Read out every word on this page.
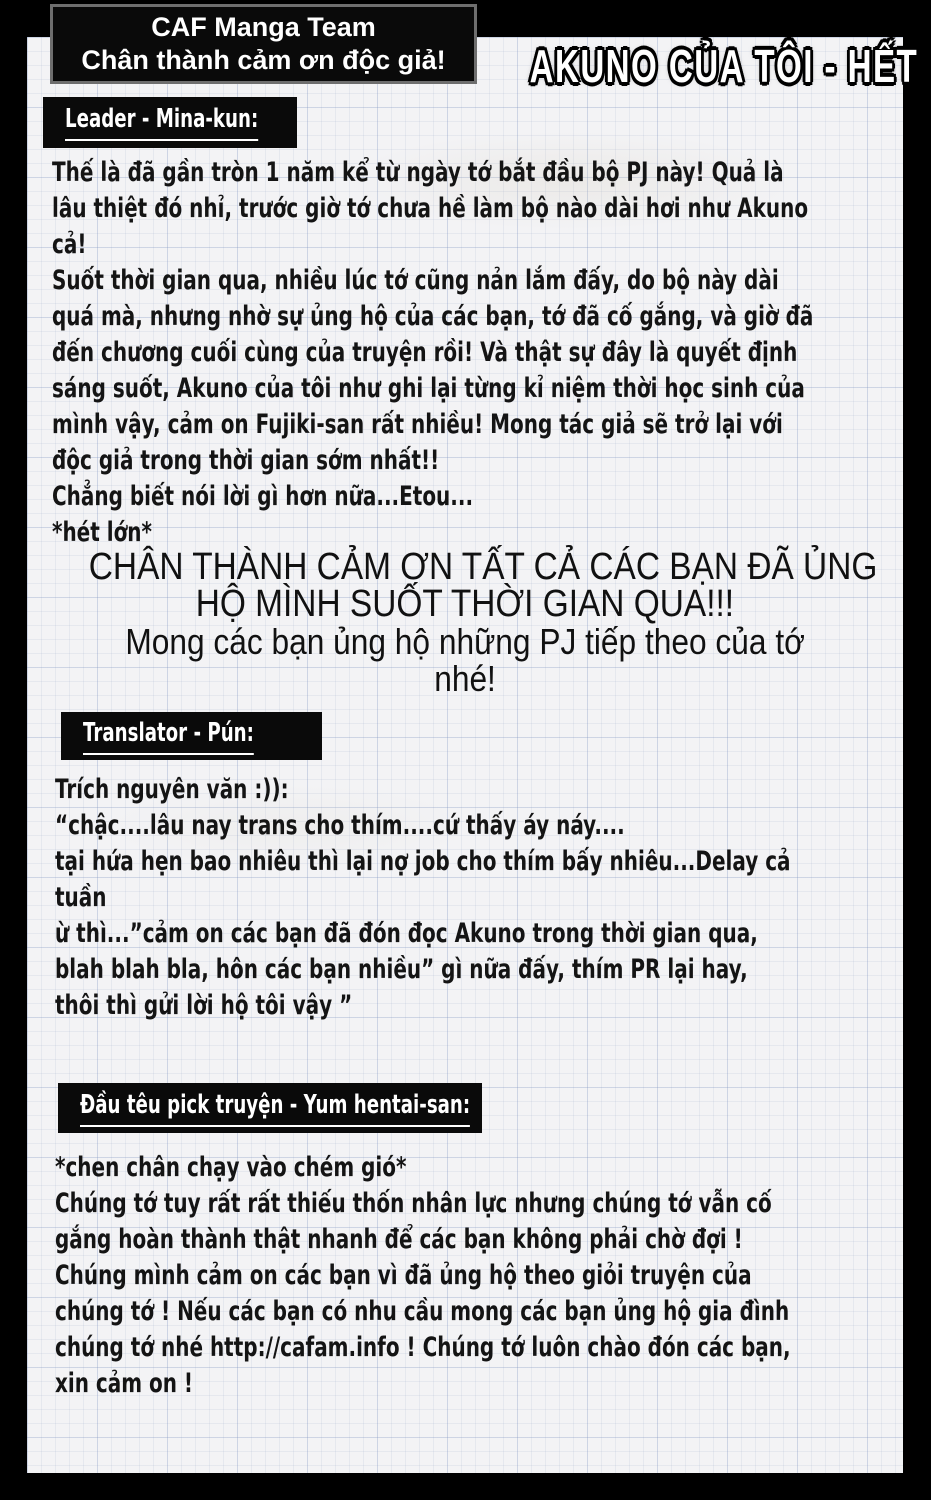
CAF Manga Team
Chân thành cảm ơn độc giả! AKUNO CỦA TÔI - HẾT
Leader - Mina-kun:
Thế là đã gần tròn 1 năm kể từ ngày tớ bắt đầu bộ PJ này! Quả là
lâu thiệt đó nhỉ, trước giờ tớ chưa hề làm bộ nào dài hơi như Akuno
cả!
Suốt thời gian qua, nhiều lúc tớ cũng nản lắm đấy, do bộ này dài
quá mà, nhưng nhờ sự ủng hộ của các bạn, tớ đã cố gắng, và giờ đã
đến chương cuối cùng của truyện rồi! Và thật sự đây là quyết định
sáng suốt, Akuno của tôi như ghi lại từng kỉ niệm thời học sinh của
mình vậy, cảm on Fujiki-san rất nhiều! Mong tác giả sẽ trở lại với
độc giả trong thời gian sớm nhất!!
Chẳng biết nói lời gì hơn nữa...Etou...
*hét lớn*
CHÂN THÀNH CẢM ƠN TẤT CẢ CÁC BẠN ĐÃ ỦNG
HỘ MÌNH SUỐT THỜI GIAN QUA!!!
Mong các bạn ủng hộ những PJ tiếp theo của tớ
nhé!
Translator - Pún:
Trích nguyên văn :)):
“chậc....lâu nay trans cho thím....cứ thấy áy náy....
tại hứa hẹn bao nhiêu thì lại nợ job cho thím bấy nhiêu...Delay cả
tuần
ừ thì...”cảm on các bạn đã đón đọc Akuno trong thời gian qua,
blah blah bla, hôn các bạn nhiều” gì nữa đấy, thím PR lại hay,
thôi thì gửi lời hộ tôi vậy ”
Đầu têu pick truyện - Yum hentai-san:
*chen chân chạy vào chém gió*
Chúng tớ tuy rất rất thiếu thốn nhân lực nhưng chúng tớ vẫn cố
gắng hoàn thành thật nhanh để các bạn không phải chờ đợi !
Chúng mình cảm on các bạn vì đã ủng hộ theo giỏi truyện của
chúng tớ ! Nếu các bạn có nhu cầu mong các bạn ủng hộ gia đình
chúng tớ nhé http://cafam.info ! Chúng tớ luôn chào đón các bạn,
xin cảm on !
